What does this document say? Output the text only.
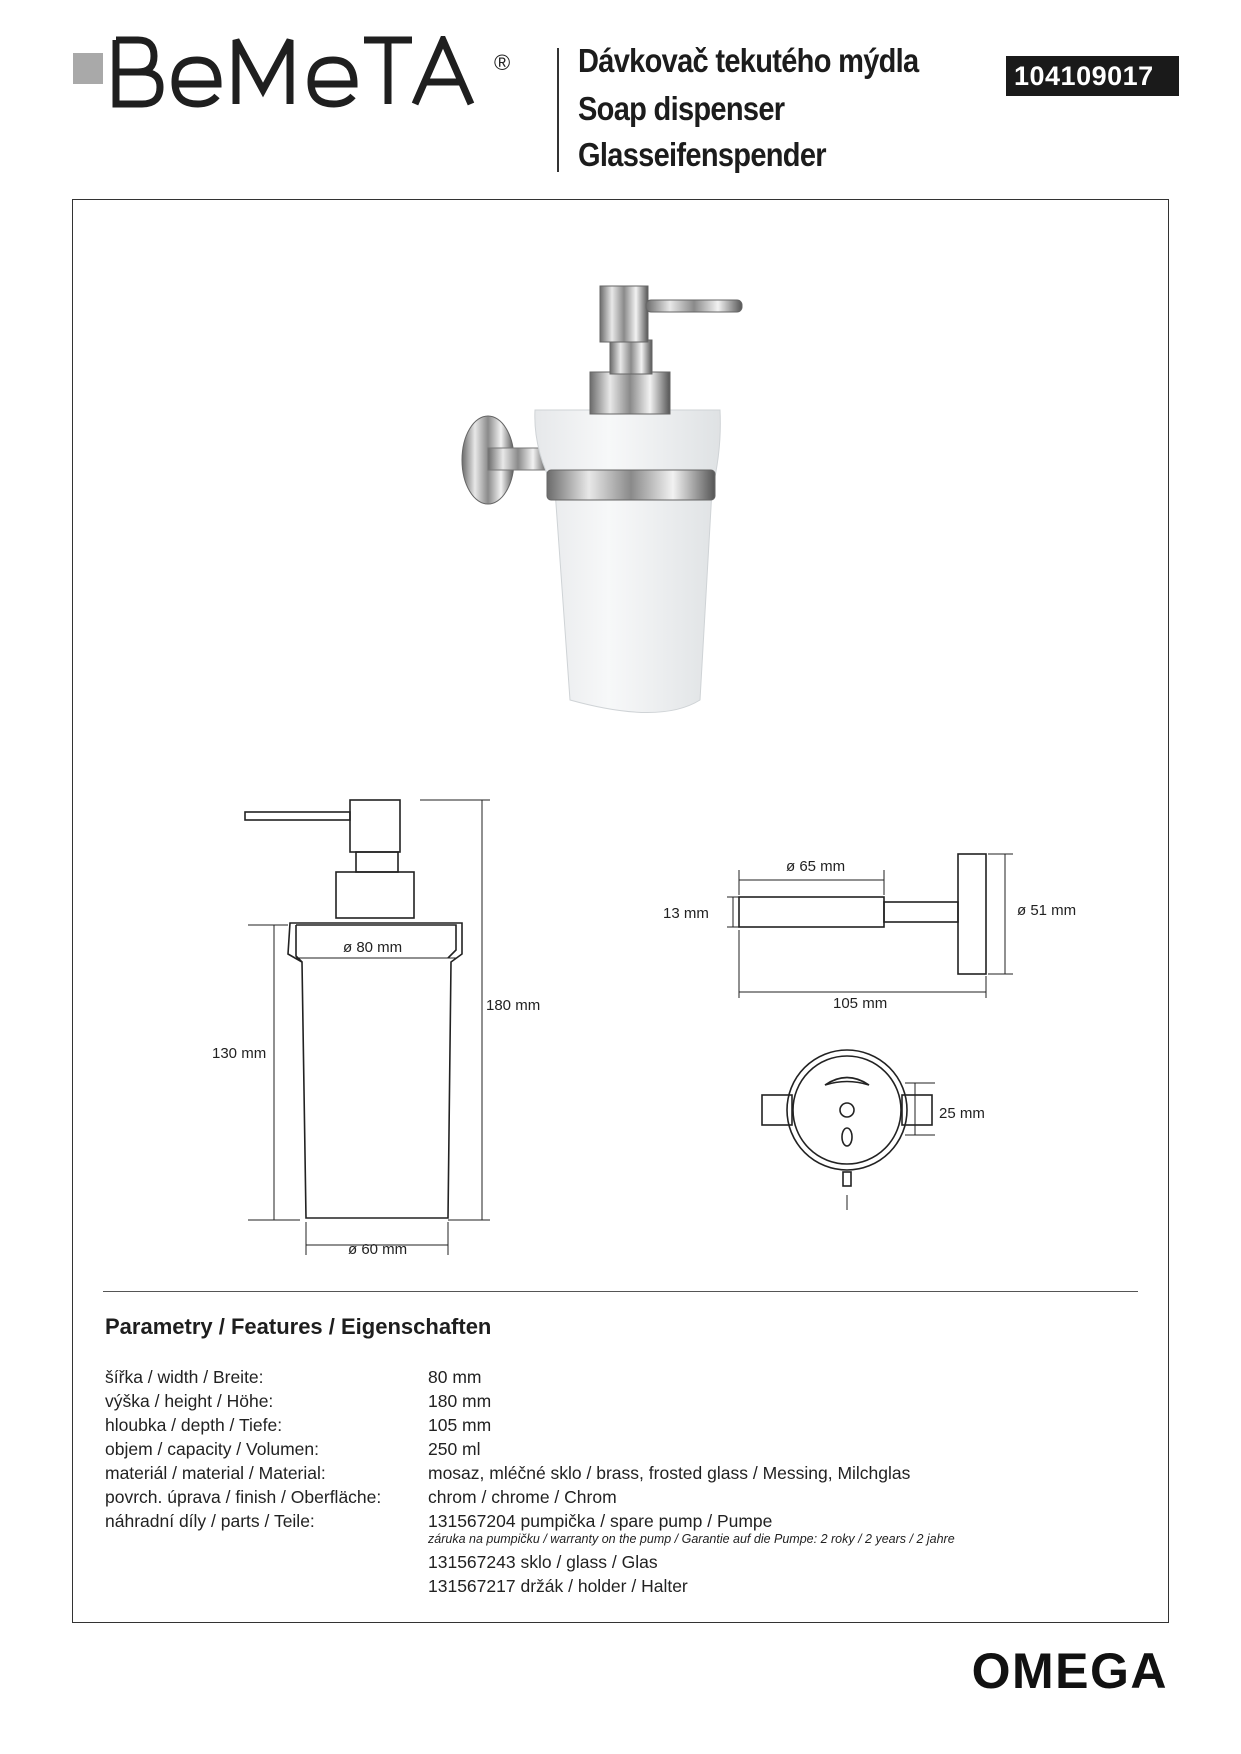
® Dávkovač tekutého mýdla
Soap dispenser
Glasseifenspender
104109017
ø 80 mm
180 mm
130 mm
ø 60 mm
ø 65 mm
13 mm	ø 51 mm
105 mm
25 mm
Parametry / Features / Eigenschaften
šířka / width / Breite:	80 mm
výška / height / Höhe:	180 mm
hloubka / depth / Tiefe:	105 mm
objem / capacity / Volumen:	250 ml
materiál / material / Material:	mosaz, mléčné sklo / brass, frosted glass / Messing, Milchglas
povrch. úprava / finish / Oberfläche:	chrom / chrome / Chrom
náhradní díly / parts / Teile:	131567204 pumpička / spare pump / Pumpe
záruka na pumpičku / warranty on the pump / Garantie auf die Pumpe: 2 roky / 2 years / 2 jahre
131567243 sklo / glass / Glas
131567217 držák / holder / Halter
OMEGA
